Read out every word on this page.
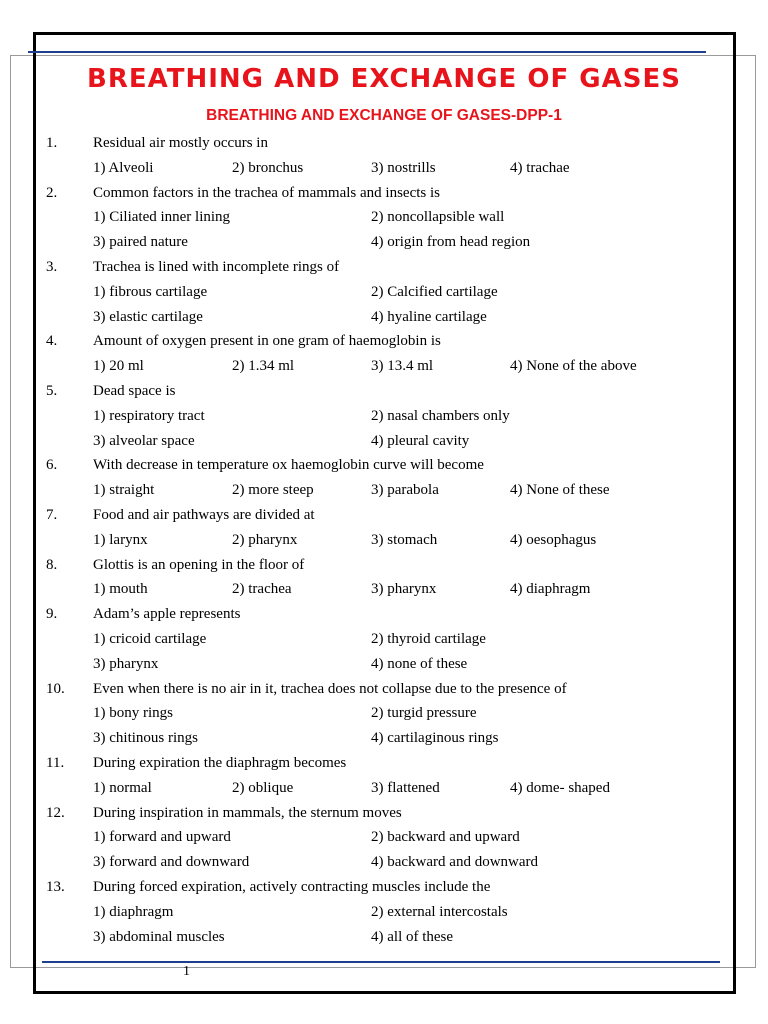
BREATHING AND EXCHANGE OF GASES
BREATHING AND EXCHANGE OF GASES-DPP-1
1. Residual air mostly occurs in
1) Alveoli	2) bronchus	3) nostrills	4) trachae
2. Common factors in the trachea of mammals and insects is
1) Ciliated inner lining	2) noncollapsible wall
3) paired nature	4) origin from head region
3. Trachea is lined with incomplete rings of
1) fibrous cartilage	2) Calcified cartilage
3) elastic cartilage	4) hyaline cartilage
4. Amount of oxygen present in one gram of haemoglobin is
1) 20 ml	2) 1.34 ml	3) 13.4 ml	4) None of the above
5. Dead space is
1) respiratory tract	2) nasal chambers only
3) alveolar space	4) pleural cavity
6. With decrease in temperature ox haemoglobin curve will become
1) straight	2) more steep	3) parabola	4) None of these
7. Food and air pathways are divided at
1) larynx	2) pharynx	3) stomach	4) oesophagus
8. Glottis is an opening in the floor of
1) mouth	2) trachea	3) pharynx	4) diaphragm
9. Adam’s apple represents
1) cricoid cartilage	2) thyroid cartilage
3) pharynx	4) none of these
10. Even when there is no air in it, trachea does not collapse due to the presence of
1) bony rings	2) turgid pressure
3) chitinous rings	4) cartilaginous rings
11. During expiration the diaphragm becomes
1) normal	2) oblique	3) flattened	4) dome- shaped
12. During inspiration in mammals, the sternum moves
1) forward and upward	2) backward and upward
3) forward and downward	4) backward and downward
13. During forced expiration, actively contracting muscles include the
1) diaphragm	2) external intercostals
3) abdominal muscles	4) all of these
1
